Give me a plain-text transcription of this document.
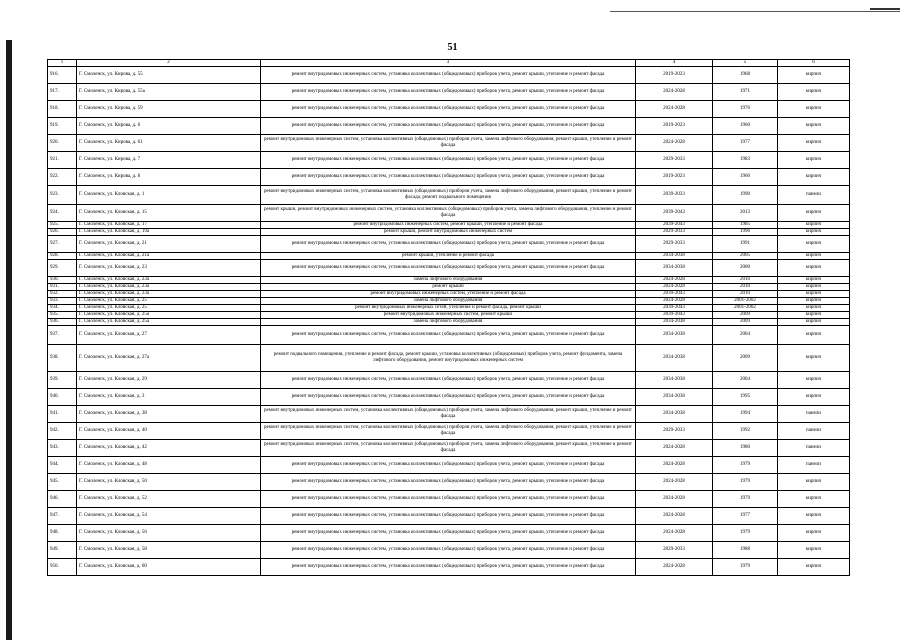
51
1	2	3	4	5	6
916.	Г. Смоленск, ул. Кирова, д. 55	ремонт внутридомовых инженерных систем, установка коллективных (общедомовых) приборов учета, ремонт крыши, утепление и ремонт фасада	2019-2023	1968	кирпич
917.	Г. Смоленск, ул. Кирова, д. 55а	ремонт внутридомовых инженерных систем, установка коллективных (общедомовых) приборов учета, ремонт крыши, утепление и ремонт фасада	2024-2028	1971	кирпич
918.	Г. Смоленск, ул. Кирова, д. 59	ремонт внутридомовых инженерных систем, установка коллективных (общедомовых) приборов учета, ремонт крыши, утепление и ремонт фасада	2024-2028	1976	кирпич
919.	Г. Смоленск, ул. Кирова, д. 6	ремонт внутридомовых инженерных систем, установка коллективных (общедомовых) приборов учета, ремонт крыши, утепление и ремонт фасада	2019-2023	1960	кирпич
920.	Г. Смоленск, ул. Кирова, д. 61	ремонт внутридомовых инженерных систем, установка коллективных (общедомовых) приборов учета, замена лифтового оборудования, ремонт крыши, утепление и ремонт фасада	2024-2028	1977	кирпич
921.	Г. Смоленск, ул. Кирова, д. 7	ремонт внутридомовых инженерных систем, установка коллективных (общедомовых) приборов учета, ремонт крыши, утепление и ремонт фасада	2029-2033	1983	кирпич
922.	Г. Смоленск, ул. Кирова, д. 8	ремонт внутридомовых инженерных систем, установка коллективных (общедомовых) приборов учета, ремонт крыши, утепление и ремонт фасада	2019-2023	1960	кирпич
923.	Г. Смоленск, ул. Кловская, д. 1	ремонт внутридомовых инженерных систем, установка коллективных (общедомовых) приборов учета, замена лифтового оборудования, ремонт крыши, утепление и ремонт фасада, ремонт подвального помещения	2039-2033	1990	панели
924.	Г. Смоленск, ул. Кловская, д. 15	ремонт крыши, ремонт внутридомовых инженерных систем, установка коллективных (общедомовых) приборов учета, замена лифтового оборудования, утепление и ремонт фасада	2039-2043	2013	кирпич
925.	Г. Смоленск, ул. Кловская, д. 17	ремонт внутридомовых инженерных систем, ремонт крыши, утепление и ремонт фасада	2039-2043	1985	кирпич
926.	Г. Смоленск, ул. Кловская, д. 19а	ремонт крыши, ремонт внутридомовых инженерных систем	2029-2033	1996	кирпич
927.	Г. Смоленск, ул. Кловская, д. 21	ремонт внутридомовых инженерных систем, установка коллективных (общедомовых) приборов учета, ремонт крыши, утепление и ремонт фасада	2029-2033	1991	кирпич
928.	Г. Смоленск, ул. Кловская, д. 21а	ремонт крыши, утепление и ремонт фасада	2034-2038	2005	кирпич
929.	Г. Смоленск, ул. Кловская, д. 23	ремонт внутридомовых инженерных систем, установка коллективных (общедомовых) приборов учета, ремонт крыши, утепление и ремонт фасада	2034-2038	2000	кирпич
930.	Г. Смоленск, ул. Кловская, д. 23а	замена лифтового оборудования	2024-2028	2010	кирпич
931.	Г. Смоленск, ул. Кловская, д. 23а	ремонт крыши	2024-2028	2010	кирпич
932.	Г. Смоленск, ул. Кловская, д. 23а	ремонт внутридомовых инженерных систем, утепление и ремонт фасада	2039-2043	2010	кирпич
933.	Г. Смоленск, ул. Кловская, д. 25	замена лифтового оборудования	2024-2028	2001-2002	кирпич
934.	Г. Смоленск, ул. Кловская, д. 25	ремонт внутридомовых инженерных сетей, утепление и ремонт фасада, ремонт крыши	2039-2043	2001-2002	кирпич
935.	Г. Смоленск, ул. Кловская, д. 25а	ремонт внутридомовых инженерных систем, ремонт крыши	2039-2043	2009	кирпич
936.	Г. Смоленск, ул. Кловская, д. 25а	замена лифтового оборудования	2034-2038	2009	кирпич
937.	Г. Смоленск, ул. Кловская, д. 27	ремонт внутридомовых инженерных систем, установка коллективных (общедомовых) приборов учета, ремонт крыши, утепление и ремонт фасада	2034-2038	2004	кирпич
938.	Г. Смоленск, ул. Кловская, д. 27а	ремонт подвального помещения, утепление и ремонт фасада, ремонт крыши, установка коллективных (общедомовых) приборов учета, ремонт фундамента, замена лифтового оборудования, ремонт внутридомовых инженерных систем	2034-2038	2009	кирпич
939.	Г. Смоленск, ул. Кловская, д. 29	ремонт внутридомовых инженерных систем, установка коллективных (общедомовых) приборов учета, ремонт крыши, утепление и ремонт фасада	2034-2038	2004	кирпич
940.	Г. Смоленск, ул. Кловская, д. 3	ремонт внутридомовых инженерных систем, установка коллективных (общедомовых) приборов учета, ремонт крыши, утепление и ремонт фасада	2034-2038	1995	кирпич
941.	Г. Смоленск, ул. Кловская, д. 38	ремонт внутридомовых инженерных систем, установка коллективных (общедомовых) приборов учета, замена лифтового оборудования, ремонт крыши, утепление и ремонт фасада	2034-2038	1994	панели
942.	Г. Смоленск, ул. Кловская, д. 40	ремонт внутридомовых инженерных систем, установка коллективных (общедомовых) приборов учета, замена лифтового оборудования, ремонт крыши, утепление и ремонт фасада	2029-2033	1992	панели
943.	Г. Смоленск, ул. Кловская, д. 42	ремонт внутридомовых инженерных систем, установка коллективных (общедомовых) приборов учета, замена лифтового оборудования, ремонт крыши, утепление и ремонт фасада	2024-2028	1980	панели
944.	Г. Смоленск, ул. Кловская, д. 48	ремонт внутридомовых инженерных систем, установка коллективных (общедомовых) приборов учета, ремонт крыши, утепление и ремонт фасада	2024-2028	1979	панели
945.	Г. Смоленск, ул. Кловская, д. 50	ремонт внутридомовых инженерных систем, установка коллективных (общедомовых) приборов учета, ремонт крыши, утепление и ремонт фасада	2024-2028	1979	кирпич
946.	Г. Смоленск, ул. Кловская, д. 52	ремонт внутридомовых инженерных систем, установка коллективных (общедомовых) приборов учета, ремонт крыши, утепление и ремонт фасада	2024-2028	1979	кирпич
947.	Г. Смоленск, ул. Кловская, д. 54	ремонт внутридомовых инженерных систем, установка коллективных (общедомовых) приборов учета, ремонт крыши, утепление и ремонт фасада	2024-2028	1977	кирпич
948.	Г. Смоленск, ул. Кловская, д. 56	ремонт внутридомовых инженерных систем, установка коллективных (общедомовых) приборов учета, ремонт крыши, утепление и ремонт фасада	2024-2028	1979	кирпич
949.	Г. Смоленск, ул. Кловская, д. 58	ремонт внутридомовых инженерных систем, установка коллективных (общедомовых) приборов учета, ремонт крыши, утепление и ремонт фасада	2029-2033	1988	кирпич
950.	Г. Смоленск, ул. Кловская, д. 60	ремонт внутридомовых инженерных систем, установка коллективных (общедомовых) приборов учета, ремонт крыши, утепление и ремонт фасада	2024-2028	1979	кирпич
